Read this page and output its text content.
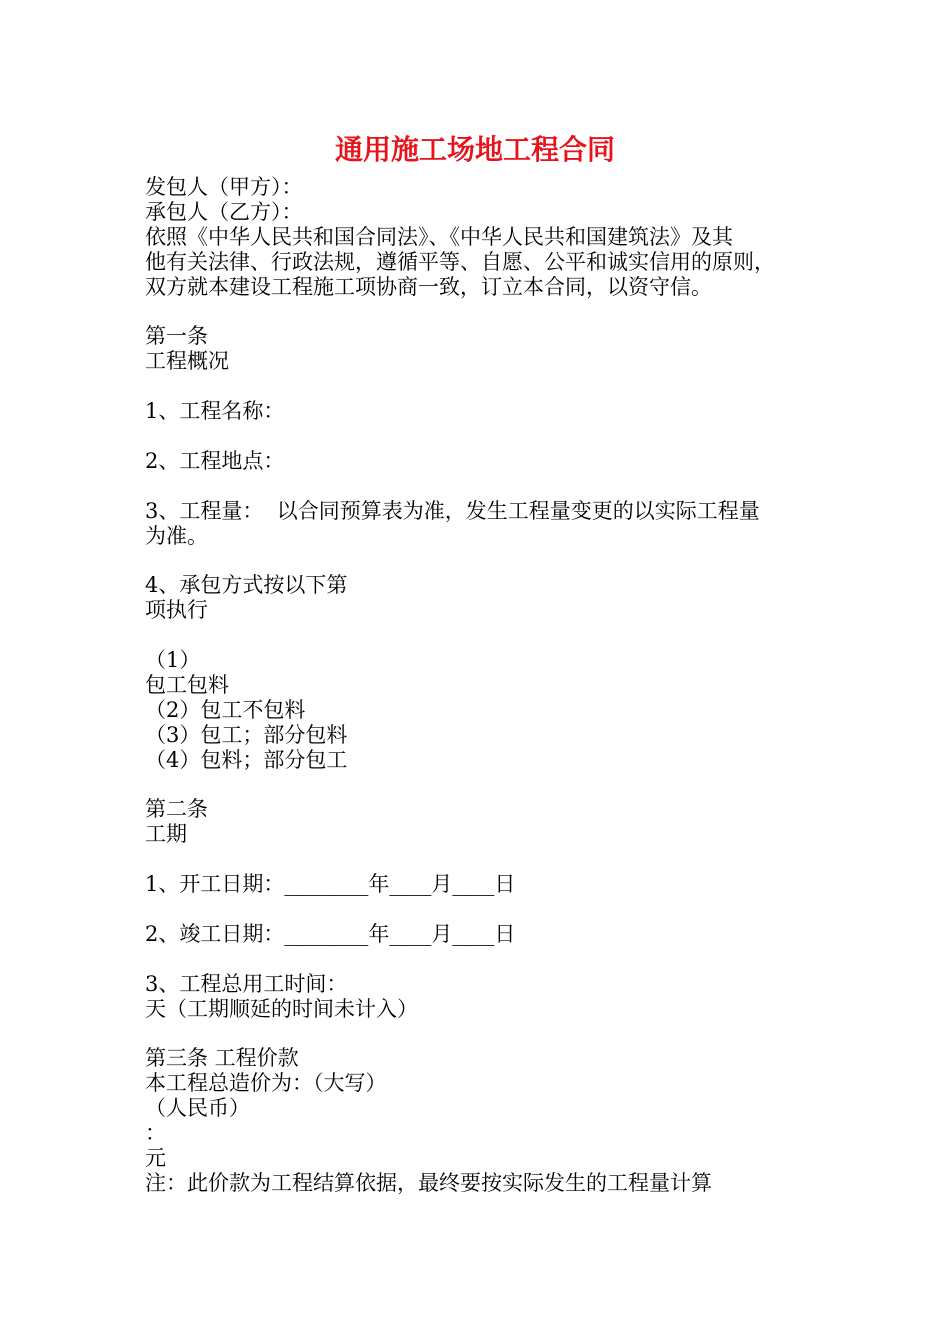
通用施工场地工程合同
发包人（甲方）：
承包人（乙方）：
依照《中华人民共和国合同法》、《中华人民共和国建筑法》及其
他有关法律、行政法规，遵循平等、自愿、公平和诚实信用的原则，
双方就本建设工程施工项协商一致，订立本合同，以资守信。
第一条
工程概况
1、工程名称：
2、工程地点：
3、工程量：  以合同预算表为准，发生工程量变更的以实际工程量
为准。
4、承包方式按以下第
项执行
（1）
包工包料
（2）包工不包料
（3）包工；部分包料
（4）包料；部分包工
第二条
工期
1、开工日期：________年____月____日
2、竣工日期：________年____月____日
3、工程总用工时间：
天（工期顺延的时间未计入）
第三条 工程价款
本工程总造价为：（大写）
（人民币）
：
元
注：此价款为工程结算依据，最终要按实际发生的工程量计算
